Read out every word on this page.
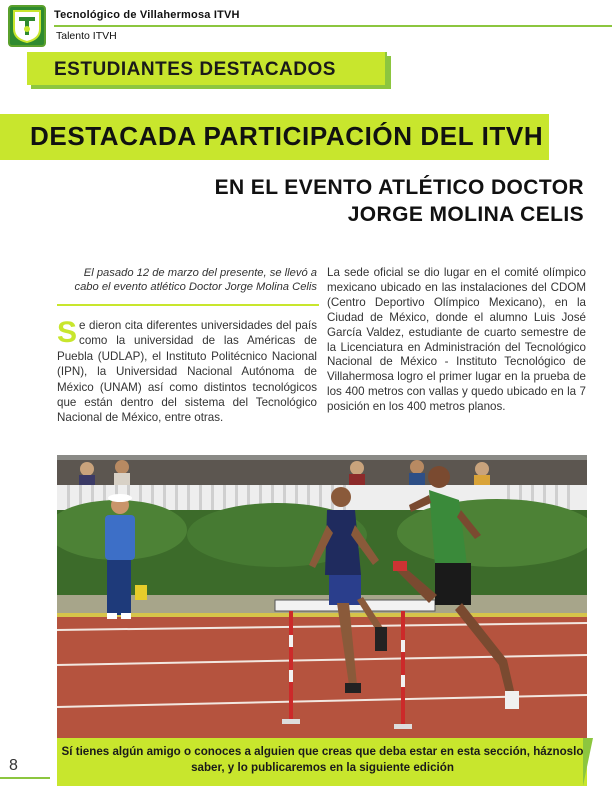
Tecnológico de Villahermosa ITVH
Talento ITVH
ESTUDIANTES DESTACADOS
DESTACADA PARTICIPACIÓN DEL ITVH
EN EL EVENTO ATLÉTICO DOCTOR
JORGE MOLINA CELIS

El pasado 12 de marzo del presente, se llevó a cabo el evento atlético Doctor Jorge Molina Celis

S e dieron cita diferentes universidades del país como la universidad de las Américas de Puebla (UDLAP), el Instituto Politécnico Nacional (IPN), la Universidad Nacional Autónoma de México (UNAM) así como distintos tecnológicos que están dentro del sistema del Tecnológico Nacional de México, entre otras.

La sede oficial se dio lugar en el comité olímpico mexicano ubicado en las instalaciones del CDOM (Centro Deportivo Olímpico Mexicano), en la Ciudad de México, donde el alumno Luis José García Valdez, estudiante de cuarto semestre de la Licenciatura en Administración del Tecnológico Nacional de México - Instituto Tecnológico de Villahermosa logro el primer lugar en la prueba de los 400 metros con vallas y quedo ubicado en la 7 posición en los 400 metros planos.

Sí tienes algún amigo o conoces a alguien que creas que deba estar en esta sección, háznoslo saber, y lo publicaremos en la siguiente edición

8
